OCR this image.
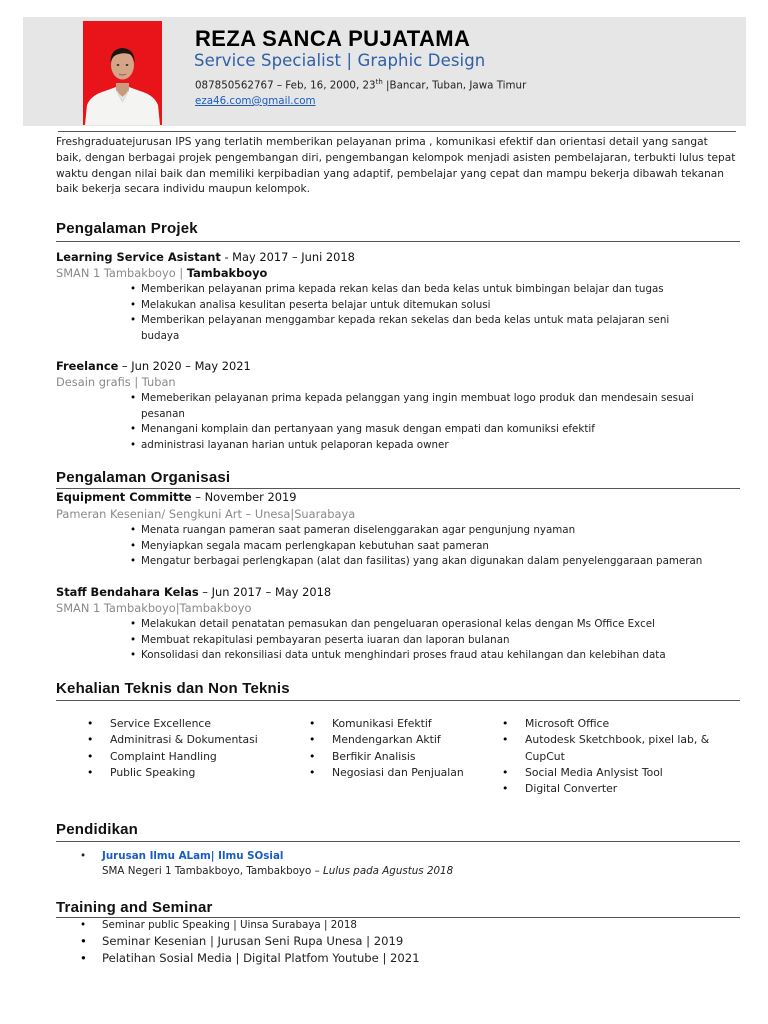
REZA SANCA PUJATAMA
Service Specialist | Graphic Design
087850562767 – Feb, 16, 2000, 23th |Bancar, Tuban, Jawa Timur
eza46.com@gmail.com
Freshgraduatejurusan IPS yang terlatih memberikan pelayanan prima , komunikasi efektif dan orientasi detail yang sangat baik, dengan berbagai projek pengembangan diri, pengembangan kelompok menjadi asisten pembelajaran, terbukti lulus tepat waktu dengan nilai baik dan memiliki kerpibadian yang adaptif, pembelajar yang cepat dan mampu bekerja dibawah tekanan baik bekerja secara individu maupun kelompok.
Pengalaman Projek
Learning Service Asistant - May 2017 – Juni 2018
SMAN 1 Tambakboyo | Tambakboyo
• Memberikan pelayanan prima kepada rekan kelas dan beda kelas untuk bimbingan belajar dan tugas
• Melakukan analisa kesulitan peserta belajar untuk ditemukan solusi
• Memberikan pelayanan menggambar kepada rekan sekelas dan beda kelas untuk mata pelajaran seni budaya
Freelance – Jun 2020 – May 2021
Desain grafis | Tuban
• Memeberikan pelayanan prima kepada pelanggan yang ingin membuat logo produk dan mendesain sesuai pesanan
• Menangani komplain dan pertanyaan yang masuk dengan empati dan komuniksi efektif
• administrasi layanan harian untuk pelaporan kepada owner
Pengalaman Organisasi
Equipment Committe – November 2019
Pameran Kesenian/ Sengkuni Art – Unesa|Suarabaya
• Menata ruangan pameran saat pameran diselenggarakan agar pengunjung nyaman
• Menyiapkan segala macam perlengkapan kebutuhan saat pameran
• Mengatur berbagai perlengkapan (alat dan fasilitas) yang akan digunakan dalam penyelenggaraan pameran
Staff Bendahara Kelas – Jun 2017 – May 2018
SMAN 1 Tambakboyo|Tambakboyo
• Melakukan detail penatatan pemasukan dan pengeluaran operasional kelas dengan Ms Office Excel
• Membuat rekapitulasi pembayaran peserta iuaran dan laporan bulanan
• Konsolidasi dan rekonsiliasi data untuk menghindari proses fraud atau kehilangan dan kelebihan data
Kehalian Teknis dan Non Teknis
• Service Excellence
• Adminitrasi & Dokumentasi
• Complaint Handling
• Public Speaking
• Komunikasi Efektif
• Mendengarkan Aktif
• Berfikir Analisis
• Negosiasi dan Penjualan
• Microsoft Office
• Autodesk Sketchbook, pixel lab, & CupCut
• Social Media Anlysist Tool
• Digital Converter
Pendidikan
• Jurusan Ilmu ALam| Ilmu SOsial
SMA Negeri 1 Tambakboyo, Tambakboyo – Lulus pada Agustus 2018
Training and Seminar
• Seminar public Speaking | Uinsa Surabaya | 2018
• Seminar Kesenian | Jurusan Seni Rupa Unesa | 2019
• Pelatihan Sosial Media | Digital Platfom Youtube | 2021
